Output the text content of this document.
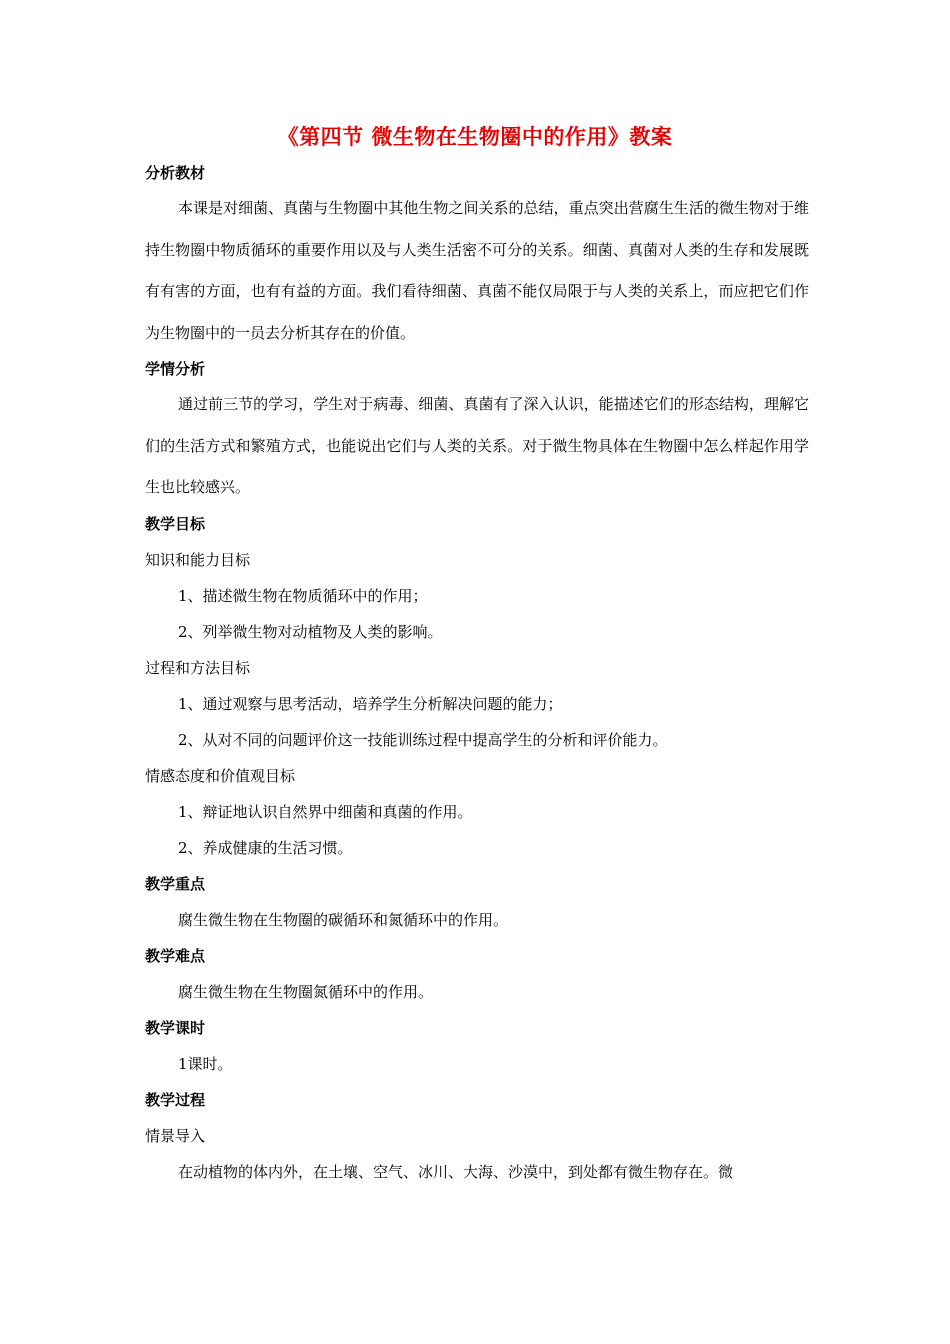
《第四节 微生物在生物圈中的作用》教案
分析教材
本课是对细菌、真菌与生物圈中其他生物之间关系的总结，重点突出营腐生生活的微生物对于维持生物圈中物质循环的重要作用以及与人类生活密不可分的关系。细菌、真菌对人类的生存和发展既有有害的方面，也有有益的方面。我们看待细菌、真菌不能仅局限于与人类的关系上，而应把它们作为生物圈中的一员去分析其存在的价值。
学情分析
通过前三节的学习，学生对于病毒、细菌、真菌有了深入认识，能描述它们的形态结构，理解它们的生活方式和繁殖方式，也能说出它们与人类的关系。对于微生物具体在生物圈中怎么样起作用学生也比较感兴。
教学目标
知识和能力目标
1、描述微生物在物质循环中的作用；
2、列举微生物对动植物及人类的影响。
过程和方法目标
1、通过观察与思考活动，培养学生分析解决问题的能力；
2、从对不同的问题评价这一技能训练过程中提高学生的分析和评价能力。
情感态度和价值观目标
1、辩证地认识自然界中细菌和真菌的作用。
2、养成健康的生活习惯。
教学重点
腐生微生物在生物圈的碳循环和氮循环中的作用。
教学难点
腐生微生物在生物圈氮循环中的作用。
教学课时
1课时。
教学过程
情景导入
在动植物的体内外，在土壤、空气、冰川、大海、沙漠中，到处都有微生物存在。微
